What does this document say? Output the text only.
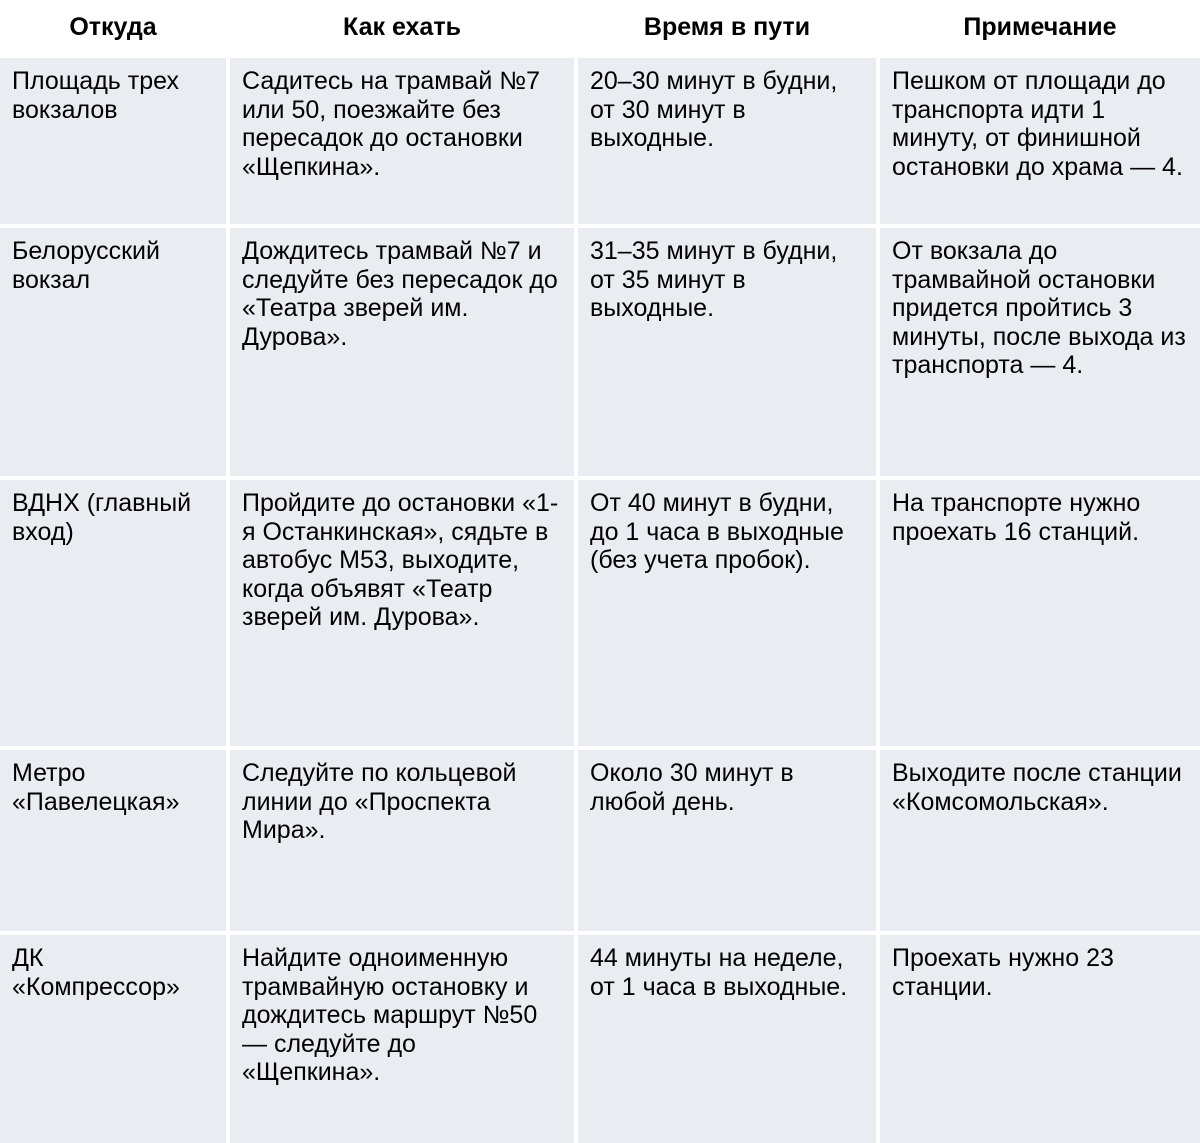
Откуда	Как ехать	Время в пути	Примечание
Площадь трех вокзалов	Садитесь на трамвай №7 или 50, поезжайте без пересадок до остановки «Щепкина».	20–30 минут в будни, от 30 минут в выходные.	Пешком от площади до транспорта идти 1 минуту, от финишной остановки до храма — 4.
Белорусский вокзал	Дождитесь трамвай №7 и следуйте без пересадок до «Театра зверей им. Дурова».	31–35 минут в будни, от 35 минут в выходные.	От вокзала до трамвайной остановки придется пройтись 3 минуты, после выхода из транспорта — 4.
ВДНХ (главный вход)	Пройдите до остановки «1-я Останкинская», сядьте в автобус М53, выходите, когда объявят «Театр зверей им. Дурова».	От 40 минут в будни, до 1 часа в выходные (без учета пробок).	На транспорте нужно проехать 16 станций.
Метро «Павелецкая»	Следуйте по кольцевой линии до «Проспекта Мира».	Около 30 минут в любой день.	Выходите после станции «Комсомольская».
ДК «Компрессор»	Найдите одноименную трамвайную остановку и дождитесь маршрут №50 — следуйте до «Щепкина».	44 минуты на неделе, от 1 часа в выходные.	Проехать нужно 23 станции.
